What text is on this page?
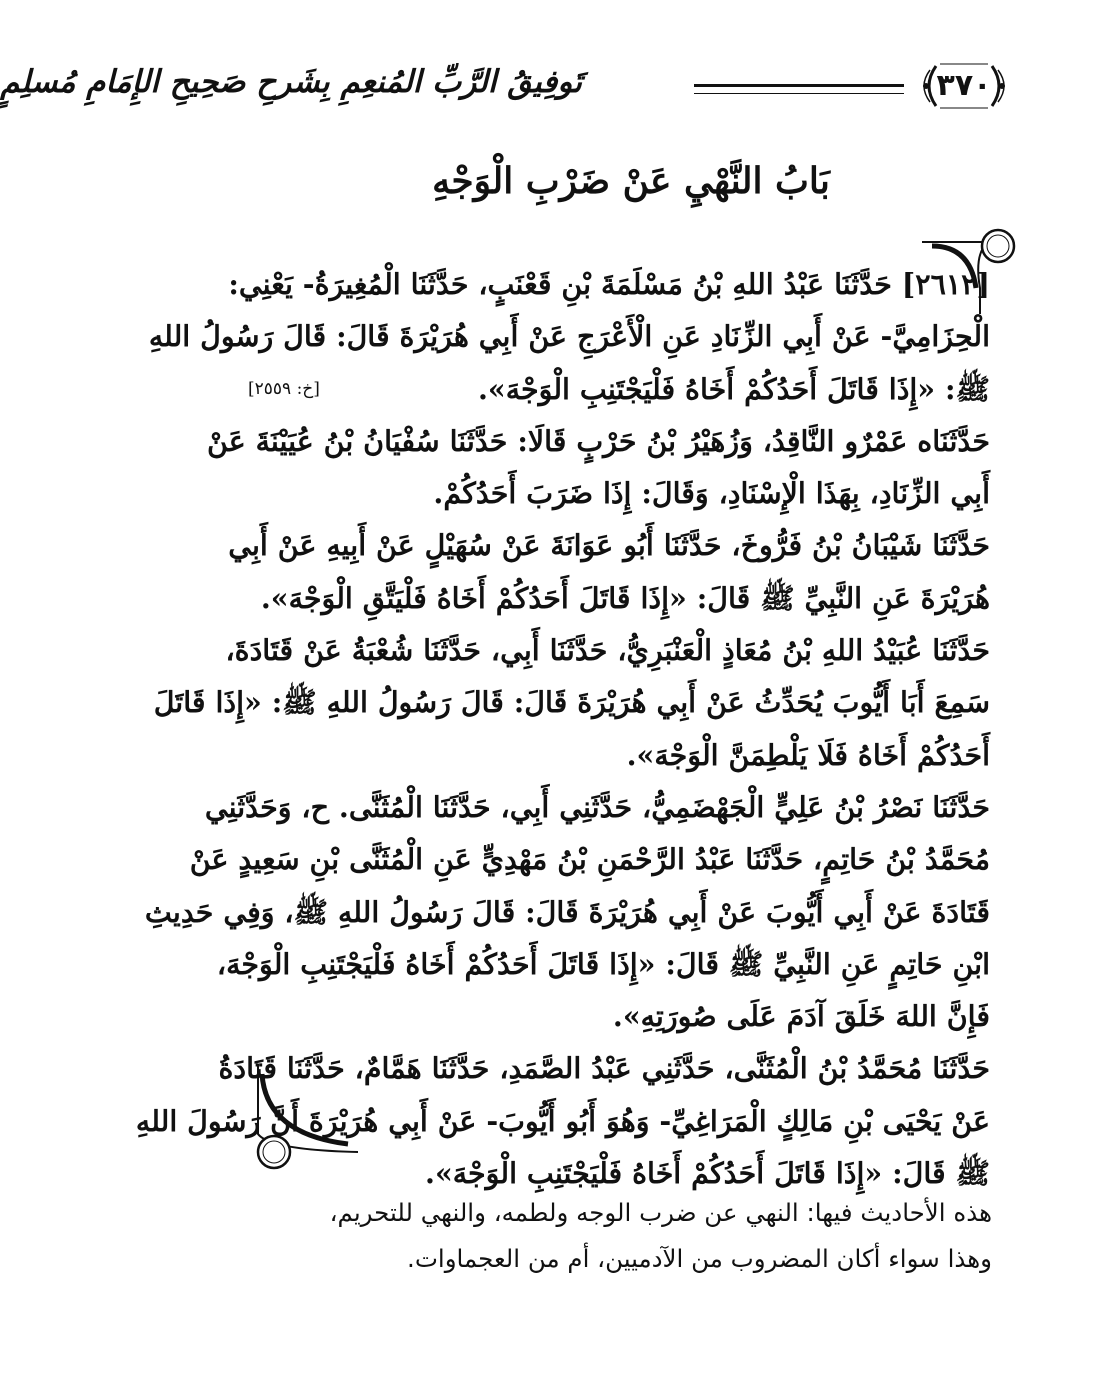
٣٧٠
تَوفِيقُ الرَّبِّ المُنعِمِ بِشَرحِ صَحِيحِ الإِمَامِ مُسلِمٍ
بَابُ النَّهْيِ عَنْ ضَرْبِ الْوَجْهِ
[٢٦١٢] حَدَّثَنَا عَبْدُ اللهِ بْنُ مَسْلَمَةَ بْنِ قَعْنَبٍ، حَدَّثَنَا الْمُغِيرَةُ- يَعْنِي:
الْحِزَامِيَّ- عَنْ أَبِي الزِّنَادِ عَنِ الْأَعْرَجِ عَنْ أَبِي هُرَيْرَةَ قَالَ: قَالَ رَسُولُ اللهِ
ﷺ: «إِذَا قَاتَلَ أَحَدُكُمْ أَخَاهُ فَلْيَجْتَنِبِ الْوَجْهَ».
[خ: ٢٥٥٩]
حَدَّثَنَاه عَمْرٌو النَّاقِدُ، وَزُهَيْرُ بْنُ حَرْبٍ قَالَا: حَدَّثَنَا سُفْيَانُ بْنُ عُيَيْنَةَ عَنْ
أَبِي الزِّنَادِ، بِهَذَا الْإِسْنَادِ، وَقَالَ: إِذَا ضَرَبَ أَحَدُكُمْ.
حَدَّثَنَا شَيْبَانُ بْنُ فَرُّوخَ، حَدَّثَنَا أَبُو عَوَانَةَ عَنْ سُهَيْلٍ عَنْ أَبِيهِ عَنْ أَبِي
هُرَيْرَةَ عَنِ النَّبِيِّ ﷺ قَالَ: «إِذَا قَاتَلَ أَحَدُكُمْ أَخَاهُ فَلْيَتَّقِ الْوَجْهَ».
حَدَّثَنَا عُبَيْدُ اللهِ بْنُ مُعَاذٍ الْعَنْبَرِيُّ، حَدَّثَنَا أَبِي، حَدَّثَنَا شُعْبَةُ عَنْ قَتَادَةَ،
سَمِعَ أَبَا أَيُّوبَ يُحَدِّثُ عَنْ أَبِي هُرَيْرَةَ قَالَ: قَالَ رَسُولُ اللهِ ﷺ: «إِذَا قَاتَلَ
أَحَدُكُمْ أَخَاهُ فَلَا يَلْطِمَنَّ الْوَجْهَ».
حَدَّثَنَا نَصْرُ بْنُ عَلِيٍّ الْجَهْضَمِيُّ، حَدَّثَنِي أَبِي، حَدَّثَنَا الْمُثَنَّى. ح، وَحَدَّثَنِي
مُحَمَّدُ بْنُ حَاتِمٍ، حَدَّثَنَا عَبْدُ الرَّحْمَنِ بْنُ مَهْدِيٍّ عَنِ الْمُثَنَّى بْنِ سَعِيدٍ عَنْ
قَتَادَةَ عَنْ أَبِي أَيُّوبَ عَنْ أَبِي هُرَيْرَةَ قَالَ: قَالَ رَسُولُ اللهِ ﷺ، وَفِي حَدِيثِ
ابْنِ حَاتِمٍ عَنِ النَّبِيِّ ﷺ قَالَ: «إِذَا قَاتَلَ أَحَدُكُمْ أَخَاهُ فَلْيَجْتَنِبِ الْوَجْهَ،
فَإِنَّ اللهَ خَلَقَ آدَمَ عَلَى صُورَتِهِ».
حَدَّثَنَا مُحَمَّدُ بْنُ الْمُثَنَّى، حَدَّثَنِي عَبْدُ الصَّمَدِ، حَدَّثَنَا هَمَّامٌ، حَدَّثَنَا قَتَادَةُ
عَنْ يَحْيَى بْنِ مَالِكٍ الْمَرَاغِيِّ- وَهُوَ أَبُو أَيُّوبَ- عَنْ أَبِي هُرَيْرَةَ أَنَّ رَسُولَ اللهِ
ﷺ قَالَ: «إِذَا قَاتَلَ أَحَدُكُمْ أَخَاهُ فَلْيَجْتَنِبِ الْوَجْهَ».
هذه الأحاديث فيها: النهي عن ضرب الوجه ولطمه، والنهي للتحريم،
وهذا سواء أكان المضروب من الآدميين، أم من العجماوات.
